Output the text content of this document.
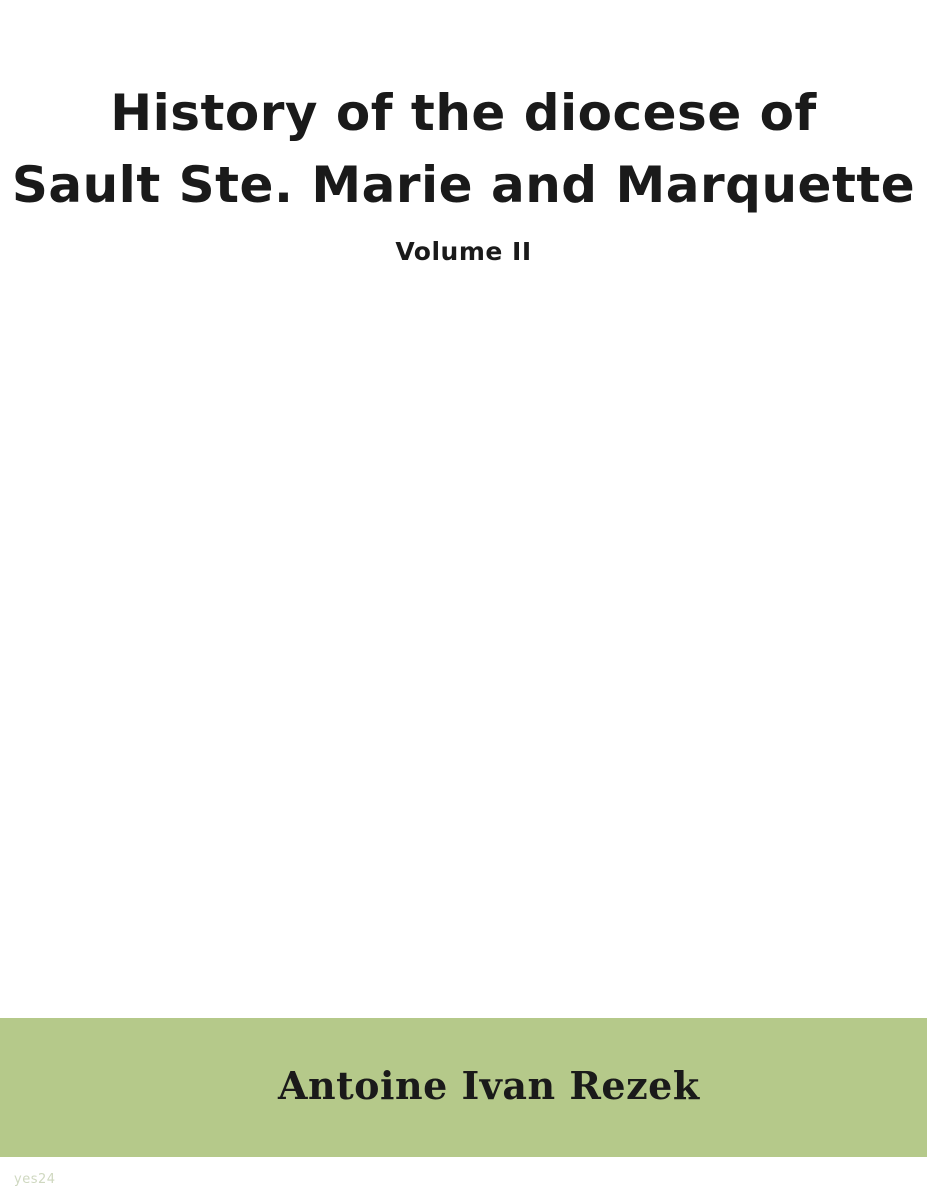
History of the diocese of
Sault Ste. Marie and Marquette
Volume II
Antoine Ivan Rezek
yes24
